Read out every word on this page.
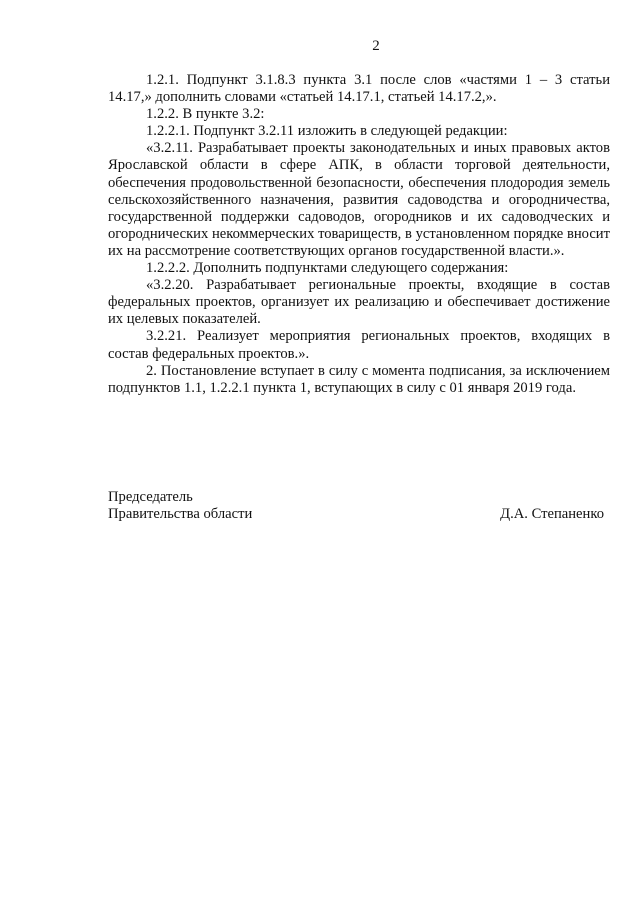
2

1.2.1. Подпункт 3.1.8.3 пункта 3.1 после слов «частями 1 – 3 статьи 14.17,» дополнить словами «статьей 14.17.1, статьей 14.17.2,».

1.2.2. В пункте 3.2:

1.2.2.1. Подпункт 3.2.11 изложить в следующей редакции:

«3.2.11. Разрабатывает проекты законодательных и иных правовых актов Ярославской области в сфере АПК, в области торговой деятельности, обеспечения продовольственной безопасности, обеспечения плодородия земель сельскохозяйственного назначения, развития садоводства и огородничества, государственной поддержки садоводов, огородников и их садоводческих и огороднических некоммерческих товариществ, в установленном порядке вносит их на рассмотрение соответствующих органов государственной власти.».

1.2.2.2. Дополнить подпунктами следующего содержания:

«3.2.20. Разрабатывает региональные проекты, входящие в состав федеральных проектов, организует их реализацию и обеспечивает достижение их целевых показателей.

3.2.21. Реализует мероприятия региональных проектов, входящих в состав федеральных проектов.».

2. Постановление вступает в силу с момента подписания, за исключением подпунктов 1.1, 1.2.2.1 пункта 1, вступающих в силу с 01 января 2019 года.

Председатель
Правительства области	Д.А. Степаненко
